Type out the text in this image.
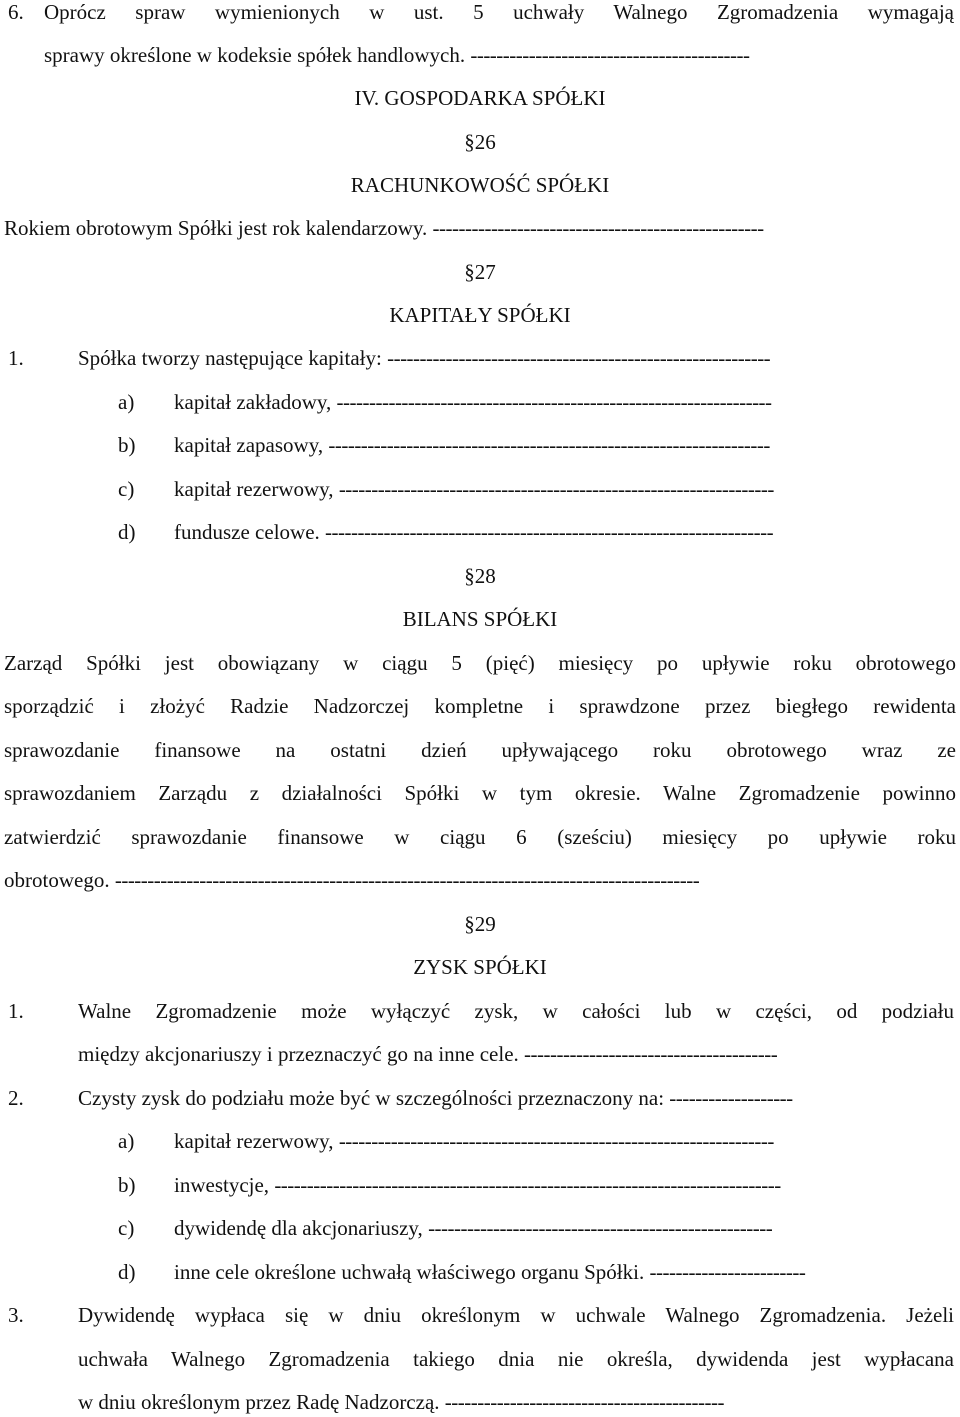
6. Oprócz spraw wymienionych w ust. 5 uchwały Walnego Zgromadzenia wymagają
sprawy określone w kodeksie spółek handlowych. -------------------------------------------
IV. GOSPODARKA SPÓŁKI
§26
RACHUNKOWOŚĆ SPÓŁKI
Rokiem obrotowym Spółki jest rok kalendarzowy. ---------------------------------------------------
§27
KAPITAŁY SPÓŁKI
1.	Spółka tworzy następujące kapitały: -----------------------------------------------------------
a) kapitał zakładowy, -------------------------------------------------------------------
b) kapitał zapasowy, --------------------------------------------------------------------
c) kapitał rezerwowy, -------------------------------------------------------------------
d) fundusze celowe. ---------------------------------------------------------------------
§28
BILANS SPÓŁKI
Zarząd Spółki jest obowiązany w ciągu 5 (pięć) miesięcy po upływie roku obrotowego
sporządzić i złożyć Radzie Nadzorczej kompletne i sprawdzone przez biegłego rewidenta
sprawozdanie finansowe na ostatni dzień upływającego roku obrotowego wraz ze
sprawozdaniem Zarządu z działalności Spółki w tym okresie. Walne Zgromadzenie powinno
zatwierdzić sprawozdanie finansowe w ciągu 6 (sześciu) miesięcy po upływie roku
obrotowego. ------------------------------------------------------------------------------------------
§29
ZYSK SPÓŁKI
1.	Walne Zgromadzenie może wyłączyć zysk, w całości lub w części, od podziału
między akcjonariuszy i przeznaczyć go na inne cele. ---------------------------------------
2.	Czysty zysk do podziału może być w szczególności przeznaczony na: -------------------
a) kapitał rezerwowy, -------------------------------------------------------------------
b) inwestycje, ------------------------------------------------------------------------------
c) dywidendę dla akcjonariuszy, -----------------------------------------------------
d) inne cele określone uchwałą właściwego organu Spółki. ------------------------
3.	Dywidendę wypłaca się w dniu określonym w uchwale Walnego Zgromadzenia. Jeżeli
uchwała Walnego Zgromadzenia takiego dnia nie określa, dywidenda jest wypłacana
w dniu określonym przez Radę Nadzorczą. -------------------------------------------
